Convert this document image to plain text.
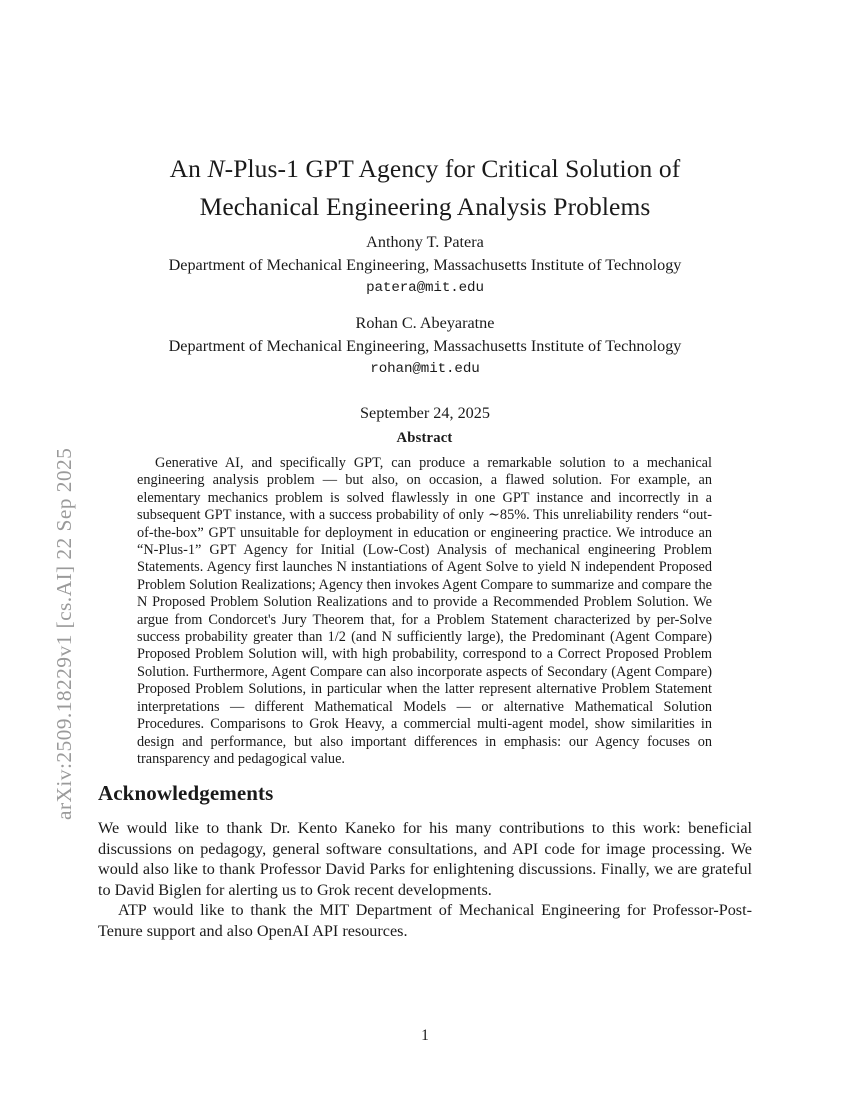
arXiv:2509.18229v1 [cs.AI] 22 Sep 2025
An N-Plus-1 GPT Agency for Critical Solution of
Mechanical Engineering Analysis Problems
Anthony T. Patera
Department of Mechanical Engineering, Massachusetts Institute of Technology
patera@mit.edu
Rohan C. Abeyaratne
Department of Mechanical Engineering, Massachusetts Institute of Technology
rohan@mit.edu
September 24, 2025
Abstract
Generative AI, and specifically GPT, can produce a remarkable solution to a mechanical engineering analysis problem — but also, on occasion, a flawed solution. For example, an elementary mechanics problem is solved flawlessly in one GPT instance and incorrectly in a subsequent GPT instance, with a success probability of only ∼85%. This unreliability renders “out-of-the-box” GPT unsuitable for deployment in education or engineering practice. We introduce an “N-Plus-1” GPT Agency for Initial (Low-Cost) Analysis of mechanical engineering Problem Statements. Agency first launches N instantiations of Agent Solve to yield N independent Proposed Problem Solution Realizations; Agency then invokes Agent Compare to summarize and compare the N Proposed Problem Solution Realizations and to provide a Recommended Problem Solution. We argue from Condorcet's Jury Theorem that, for a Problem Statement characterized by per-Solve success probability greater than 1/2 (and N sufficiently large), the Predominant (Agent Compare) Proposed Problem Solution will, with high probability, correspond to a Correct Proposed Problem Solution. Furthermore, Agent Compare can also incorporate aspects of Secondary (Agent Compare) Proposed Problem Solutions, in particular when the latter represent alternative Problem Statement interpretations — different Mathematical Models — or alternative Mathematical Solution Procedures. Comparisons to Grok Heavy, a commercial multi-agent model, show similarities in design and performance, but also important differences in emphasis: our Agency focuses on transparency and pedagogical value.
Acknowledgements

We would like to thank Dr. Kento Kaneko for his many contributions to this work: beneficial discussions on pedagogy, general software consultations, and API code for image processing. We would also like to thank Professor David Parks for enlightening discussions. Finally, we are grateful to David Biglen for alerting us to Grok recent developments.

ATP would like to thank the MIT Department of Mechanical Engineering for Professor-Post-Tenure support and also OpenAI API resources.

1
